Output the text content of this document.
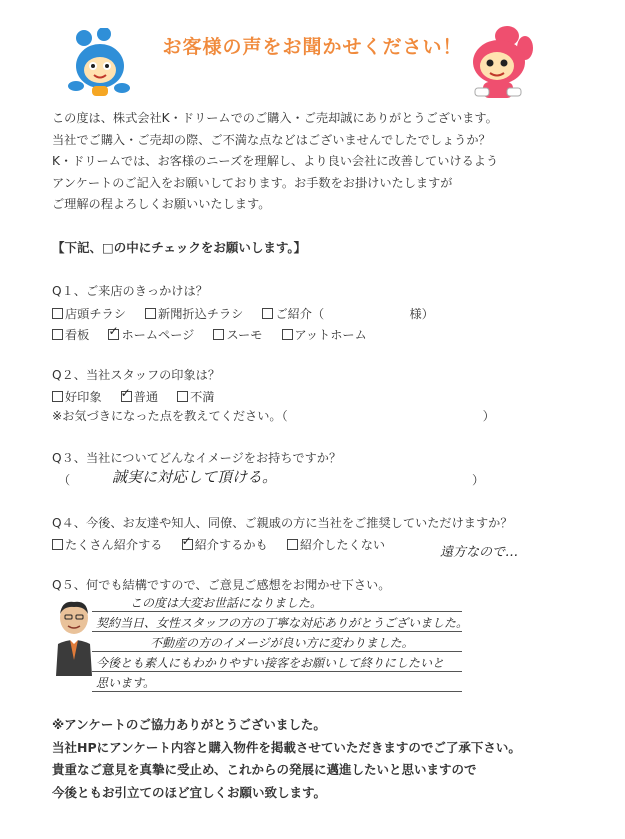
お客様の声をお聞かせください！
この度は、株式会社K・ドリームでのご購入・ご売却誠にありがとうございます。
当社でご購入・ご売却の際、ご不満な点などはございませんでしたでしょうか？
K・ドリームでは、お客様のニーズを理解し、より良い会社に改善していけるよう
アンケートのご記入をお願いしております。お手数をお掛けいたしますが
ご理解の程よろしくお願いいたします。
【下記、□の中にチェックをお願いします。】
Q１、ご来店のきっかけは？
店頭チラシ	新聞折込チラシ	ご紹介（　　　　　　　様）
看板 ✓	ホームページ	スーモ	アットホーム
Q２、当社スタッフの印象は？
好印象 ✓	普通	不満
※お気づきになった点を教えてください。（　　　　　　　　　　　　　　　　）
Q３、当社についてどんなイメージをお持ちですか？
（	誠実に対応して頂ける。	）
Q４、今後、お友達や知人、同僚、ご親戚の方に当社をご推奨していただけますか？
たくさん紹介する ✓	紹介するかも	紹介したくない	遠方なので…
Q５、何でも結構ですので、ご意見ご感想をお聞かせ下さい。
この度は大変お世話になりました。
契約当日、女性スタッフの方の丁寧な対応ありがとうございました。
不動産の方のイメージが良い方に変わりました。
今後とも素人にもわかりやすい接客をお願いして終りにしたいと
思います。
※アンケートのご協力ありがとうございました。
当社HPにアンケート内容と購入物件を掲載させていただきますのでご了承下さい。
貴重なご意見を真摯に受止め、これからの発展に邁進したいと思いますので
今後ともお引立てのほど宜しくお願い致します。
